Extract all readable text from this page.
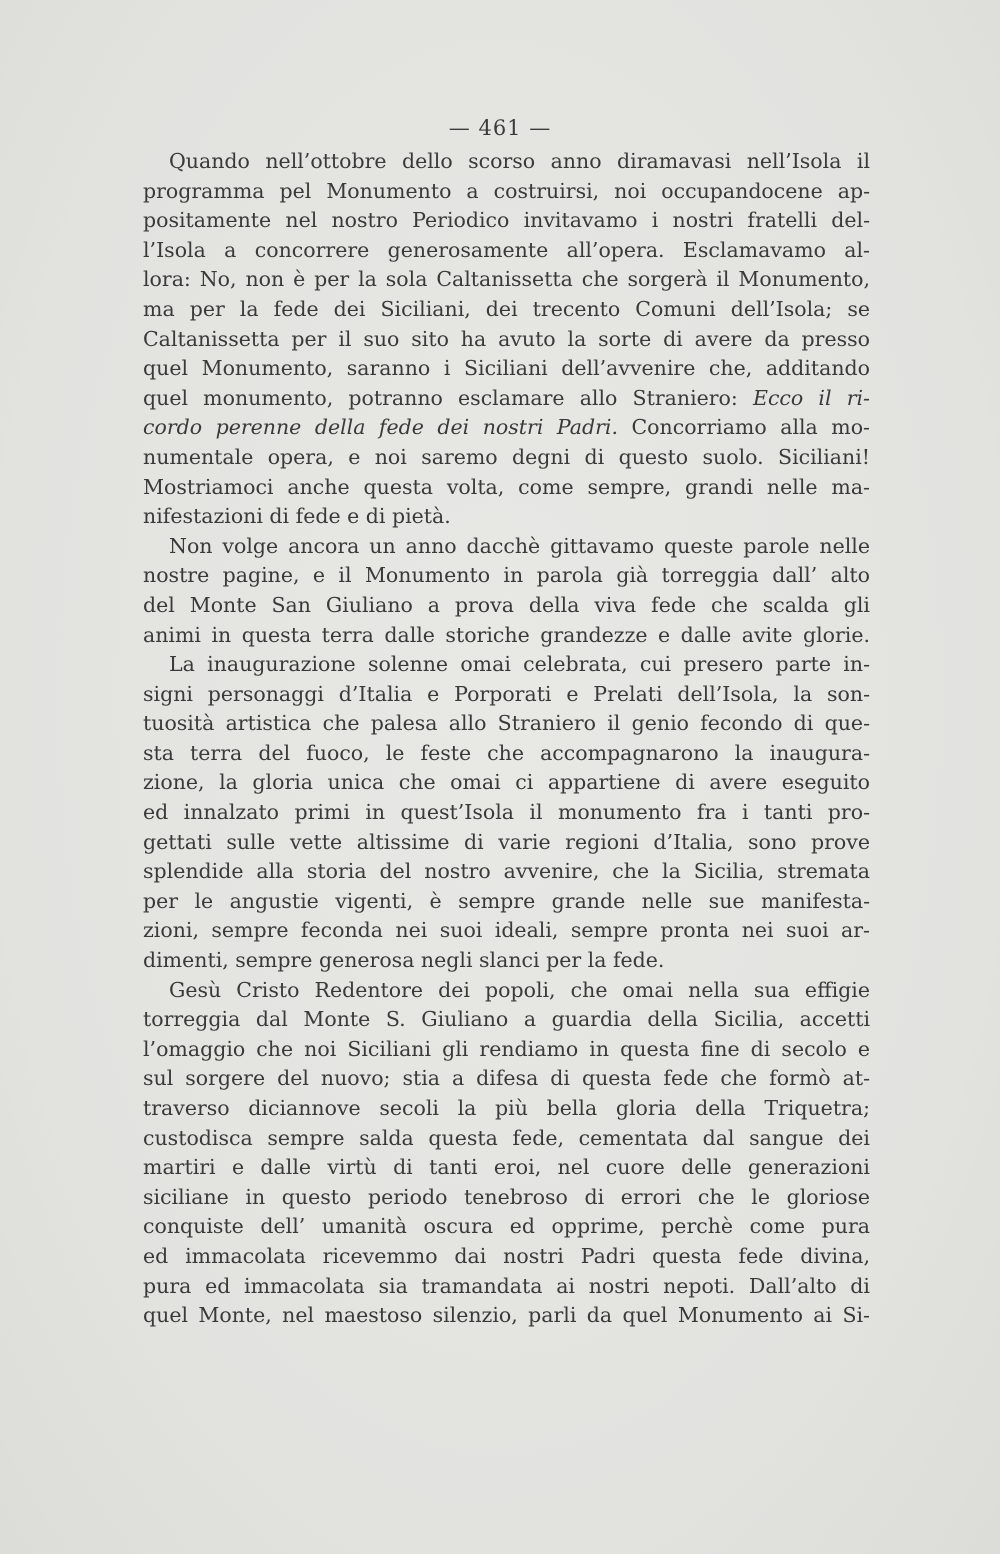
— 461 —
Quando nell’ottobre dello scorso anno diramavasi nell’Isola il
programma pel Monumento a costruirsi, noi occupandocene ap-
positamente nel nostro Periodico invitavamo i nostri fratelli del-
l’Isola a concorrere generosamente all’opera. Esclamavamo al-
lora: No, non è per la sola Caltanissetta che sorgerà il Monumento,
ma per la fede dei Siciliani, dei trecento Comuni dell’Isola; se
Caltanissetta per il suo sito ha avuto la sorte di avere da presso
quel Monumento, saranno i Siciliani dell’avvenire che, additando
quel monumento, potranno esclamare allo Straniero: Ecco il ri-
cordo perenne della fede dei nostri Padri. Concorriamo alla mo-
numentale opera, e noi saremo degni di questo suolo. Siciliani!
Mostriamoci anche questa volta, come sempre, grandi nelle ma-
nifestazioni di fede e di pietà.
Non volge ancora un anno dacchè gittavamo queste parole nelle
nostre pagine, e il Monumento in parola già torreggia dall’ alto
del Monte San Giuliano a prova della viva fede che scalda gli
animi in questa terra dalle storiche grandezze e dalle avite glorie.
La inaugurazione solenne omai celebrata, cui presero parte in-
signi personaggi d’Italia e Porporati e Prelati dell’Isola, la son-
tuosità artistica che palesa allo Straniero il genio fecondo di que-
sta terra del fuoco, le feste che accompagnarono la inaugura-
zione, la gloria unica che omai ci appartiene di avere eseguito
ed innalzato primi in quest’Isola il monumento fra i tanti pro-
gettati sulle vette altissime di varie regioni d’Italia, sono prove
splendide alla storia del nostro avvenire, che la Sicilia, stremata
per le angustie vigenti, è sempre grande nelle sue manifesta-
zioni, sempre feconda nei suoi ideali, sempre pronta nei suoi ar-
dimenti, sempre generosa negli slanci per la fede.
Gesù Cristo Redentore dei popoli, che omai nella sua effigie
torreggia dal Monte S. Giuliano a guardia della Sicilia, accetti
l’omaggio che noi Siciliani gli rendiamo in questa fine di secolo e
sul sorgere del nuovo; stia a difesa di questa fede che formò at-
traverso diciannove secoli la più bella gloria della Triquetra;
custodisca sempre salda questa fede, cementata dal sangue dei
martiri e dalle virtù di tanti eroi, nel cuore delle generazioni
siciliane in questo periodo tenebroso di errori che le gloriose
conquiste dell’ umanità oscura ed opprime, perchè come pura
ed immacolata ricevemmo dai nostri Padri questa fede divina,
pura ed immacolata sia tramandata ai nostri nepoti. Dall’alto di
quel Monte, nel maestoso silenzio, parli da quel Monumento ai Si-
